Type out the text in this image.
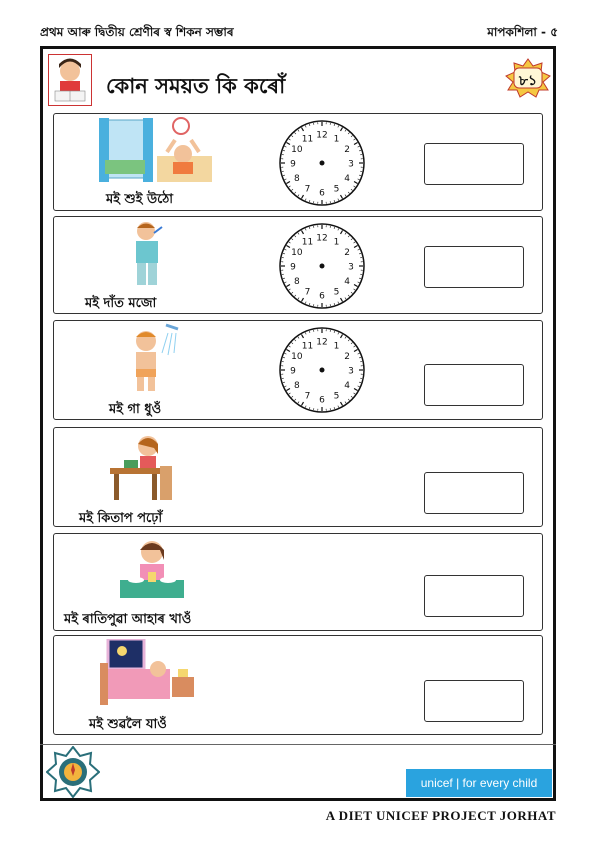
প্ৰথম আৰু দ্বিতীয় শ্ৰেণীৰ স্ব শিকন সম্ভাৰ	মাপকশিলা - ৫
কোন সময়ত কি কৰোঁ	৮১
মই শুই উঠো
12 1
2
3
4
5
6
7
8
9
10
11
মই দাঁত মজো
12 1
2
3
4
5
6
7
8
9
10
11
মই গা ধুওঁ
12 1
2
3
4
5
6
7
8
9
10
11
মই কিতাপ পঢ়োঁ
মই ৰাতিপুৱা আহাৰ খাওঁ
মই শুৱলৈ যাওঁ
unicef | for every child
A DIET UNICEF PROJECT JORHAT
